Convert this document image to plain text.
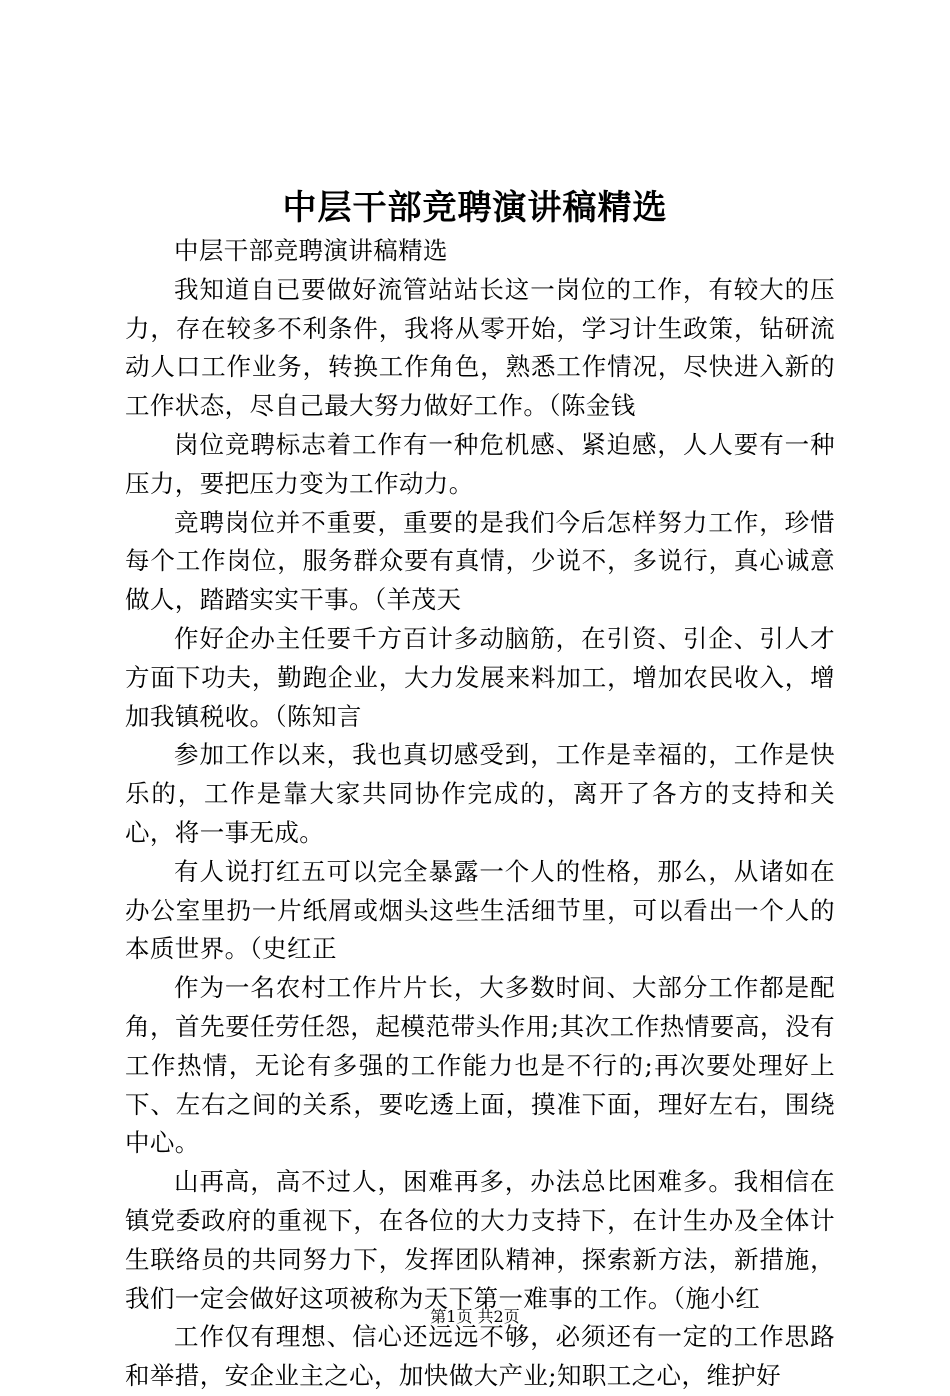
中层干部竞聘演讲稿精选

中层干部竞聘演讲稿精选

我知道自已要做好流管站站长这一岗位的工作，有较大的压力，存在较多不利条件，我将从零开始，学习计生政策，钻研流动人口工作业务，转换工作角色，熟悉工作情况，尽快进入新的工作状态，尽自己最大努力做好工作。（陈金钱

岗位竞聘标志着工作有一种危机感、紧迫感，人人要有一种压力，要把压力变为工作动力。

竞聘岗位并不重要，重要的是我们今后怎样努力工作，珍惜每个工作岗位，服务群众要有真情，少说不，多说行，真心诚意做人，踏踏实实干事。（羊茂天

作好企办主任要千方百计多动脑筋，在引资、引企、引人才方面下功夫，勤跑企业，大力发展来料加工，增加农民收入，增加我镇税收。（陈知言

参加工作以来，我也真切感受到，工作是幸福的，工作是快乐的，工作是靠大家共同协作完成的，离开了各方的支持和关心，将一事无成。

有人说打红五可以完全暴露一个人的性格，那么，从诸如在办公室里扔一片纸屑或烟头这些生活细节里，可以看出一个人的本质世界。（史红正

作为一名农村工作片片长，大多数时间、大部分工作都是配角，首先要任劳任怨，起模范带头作用;其次工作热情要高，没有工作热情，无论有多强的工作能力也是不行的;再次要处理好上下、左右之间的关系，要吃透上面，摸准下面，理好左右，围绕中心。

山再高，高不过人，困难再多，办法总比困难多。我相信在镇党委政府的重视下，在各位的大力支持下，在计生办及全体计生联络员的共同努力下，发挥团队精神，探索新方法，新措施，我们一定会做好这项被称为天下第一难事的工作。（施小红

工作仅有理想、信心还远远不够，必须还有一定的工作思路和举措，安企业主之心，加快做大产业;知职工之心，维护好

第1页 共2页
